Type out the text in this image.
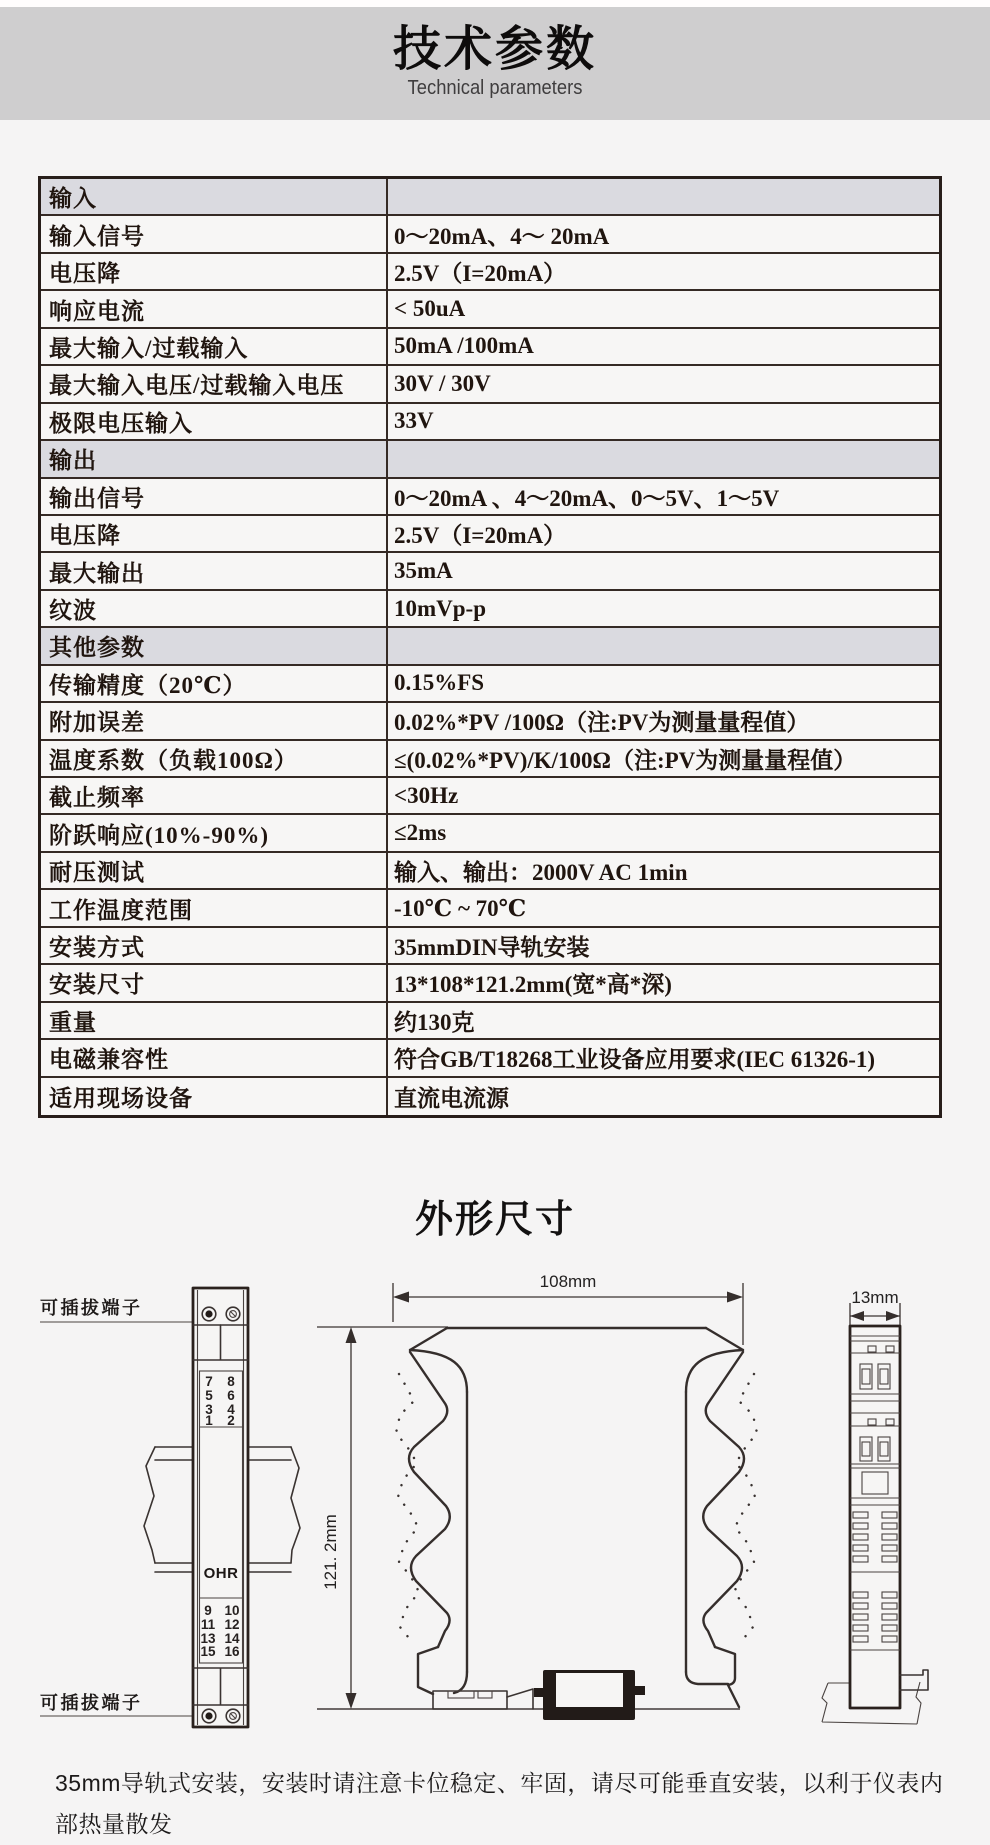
技术参数
Technical parameters
输入
输入信号	0～20mA、4～ 20mA
电压降	2.5V（I=20mA）
响应电流	< 50uA
最大输入/过载输入	50mA /100mA
最大输入电压/过载输入电压	30V / 30V
极限电压输入	33V
输出
输出信号	0～20mA 、4～20mA、0～5V、1～5V
电压降	2.5V（I=20mA）
最大输出	35mA
纹波	10mVp-p
其他参数
传输精度（20℃）	0.15%FS
附加误差	0.02%*PV /100Ω（注:PV为测量量程值）
温度系数（负载100Ω）	≤(0.02%*PV)/K/100Ω（注:PV为测量量程值）
截止频率	<30Hz
阶跃响应(10%-90%)	≤2ms
耐压测试	输入、输出：2000V AC 1min
工作温度范围	-10℃ ~ 70℃
安装方式	35mmDIN导轨安装
安装尺寸	13*108*121.2mm(宽*高*深)
重量	约130克
电磁兼容性	符合GB/T18268工业设备应用要求(IEC 61326-1)
适用现场设备	直流电流源
外形尺寸
7 8
5 6
3 4
1 2
OHR
9 10
11 12
13 14
15 16
可插拔端子
可插拔端子
108mm
121. 2mm
13mm
35mm导轨式安装，安装时请注意卡位稳定、牢固，请尽可能垂直安装，以利于仪表内部热量散发
